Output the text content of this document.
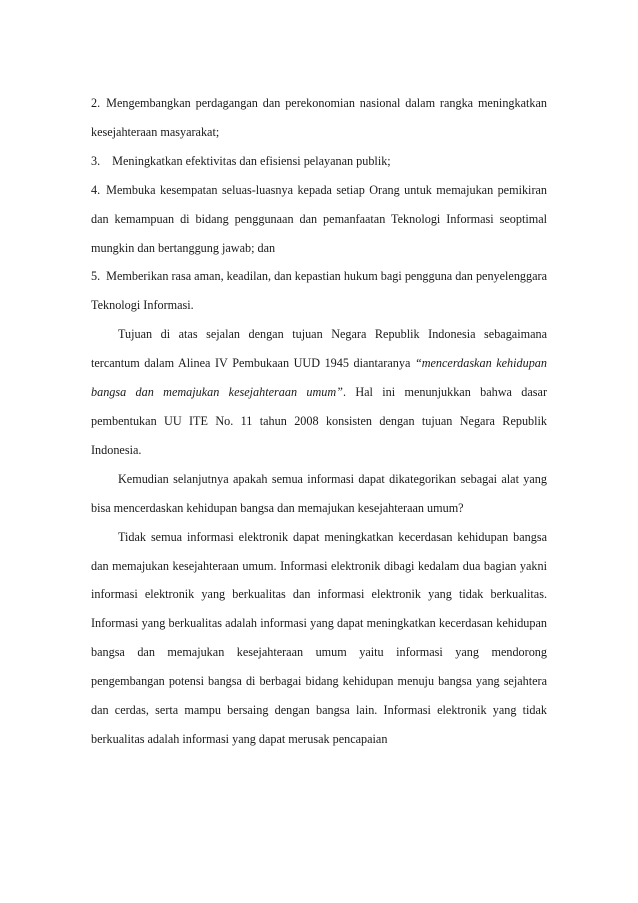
2. Mengembangkan perdagangan dan perekonomian nasional dalam rangka meningkatkan kesejahteraan masyarakat;

3. Meningkatkan efektivitas dan efisiensi pelayanan publik;

4. Membuka kesempatan seluas-luasnya kepada setiap Orang untuk memajukan pemikiran dan kemampuan di bidang penggunaan dan pemanfaatan Teknologi Informasi seoptimal mungkin dan bertanggung jawab; dan

5. Memberikan rasa aman, keadilan, dan kepastian hukum bagi pengguna dan penyelenggara Teknologi Informasi.

Tujuan di atas sejalan dengan tujuan Negara Republik Indonesia sebagaimana tercantum dalam Alinea IV Pembukaan UUD 1945 diantaranya “mencerdaskan kehidupan bangsa dan memajukan kesejahteraan umum”. Hal ini menunjukkan bahwa dasar pembentukan UU ITE No. 11 tahun 2008 konsisten dengan tujuan Negara Republik Indonesia.

Kemudian selanjutnya apakah semua informasi dapat dikategorikan sebagai alat yang bisa mencerdaskan kehidupan bangsa dan memajukan kesejahteraan umum?

Tidak semua informasi elektronik dapat meningkatkan kecerdasan kehidupan bangsa dan memajukan kesejahteraan umum. Informasi elektronik dibagi kedalam dua bagian yakni informasi elektronik yang berkualitas dan informasi elektronik yang tidak berkualitas. Informasi yang berkualitas adalah informasi yang dapat meningkatkan kecerdasan kehidupan bangsa dan memajukan kesejahteraan umum yaitu informasi yang mendorong pengembangan potensi bangsa di berbagai bidang kehidupan menuju bangsa yang sejahtera dan cerdas, serta mampu bersaing dengan bangsa lain. Informasi elektronik yang tidak berkualitas adalah informasi yang dapat merusak pencapaian
